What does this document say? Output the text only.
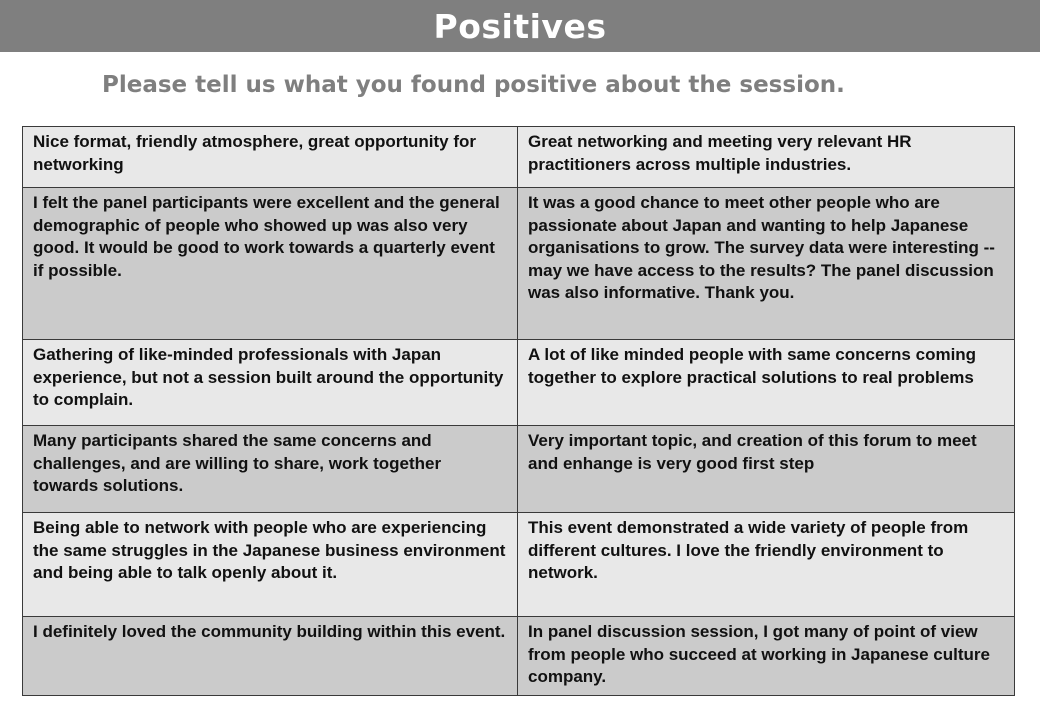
Positives

Please tell us what you found positive about the session.

Nice format, friendly atmosphere, great opportunity for networking	Great networking and meeting very relevant HR practitioners across multiple industries.
I felt the panel participants were excellent and the general demographic of people who showed up was also very good. It would be good to work towards a quarterly event if possible.	It was a good chance to meet other people who are passionate about Japan and wanting to help Japanese organisations to grow. The survey data were interesting -- may we have access to the results? The panel discussion was also informative. Thank you.
Gathering of like-minded professionals with Japan experience, but not a session built around the opportunity to complain.	A lot of like minded people with same concerns coming together to explore practical solutions to real problems
Many participants shared the same concerns and challenges, and are willing to share, work together towards solutions.	Very important topic, and creation of this forum to meet and enhange is very good first step
Being able to network with people who are experiencing the same struggles in the Japanese business environment and being able to talk openly about it.	This event demonstrated a wide variety of people from different cultures. I love the friendly environment to network.
I definitely loved the community building within this event.	In panel discussion session, I got many of point of view from people who succeed at working in Japanese culture company.
